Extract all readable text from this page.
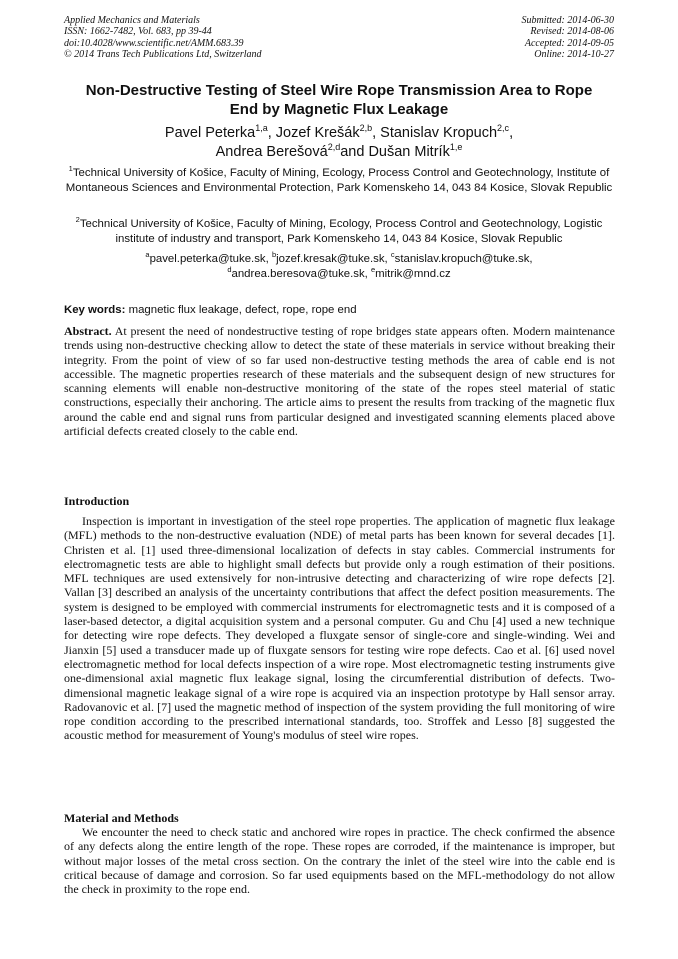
Applied Mechanics and Materials
ISSN: 1662-7482, Vol. 683, pp 39-44
doi:10.4028/www.scientific.net/AMM.683.39
© 2014 Trans Tech Publications Ltd, Switzerland
Submitted: 2014-06-30
Revised: 2014-08-06
Accepted: 2014-09-05
Online: 2014-10-27
Non-Destructive Testing of Steel Wire Rope Transmission Area to Rope
End by Magnetic Flux Leakage
Pavel Peterka$^{1,a}$, Jozef Krešák$^{2,b}$, Stanislav Kropuch$^{2,c}$,
Andrea Berešová$^{2,d}$and Dušan Mitrík$^{1,e}$
$^1$Technical University of Košice, Faculty of Mining, Ecology, Process Control and Geotechnology, Institute of Montaneous Sciences and Environmental Protection, Park Komenskeho 14, 043 84 Kosice, Slovak Republic
$^2$Technical University of Košice, Faculty of Mining, Ecology, Process Control and Geotechnology, Logistic institute of industry and transport, Park Komenskeho 14, 043 84 Kosice, Slovak Republic
$^a$pavel.peterka@tuke.sk, $^b$jozef.kresak@tuke.sk, $^c$stanislav.kropuch@tuke.sk,
$^d$andrea.beresova@tuke.sk, $^e$mitrik@mnd.cz
Key words: magnetic flux leakage, defect, rope, rope end
Abstract. At present the need of nondestructive testing of rope bridges state appears often. Modern maintenance trends using non-destructive checking allow to detect the state of these materials in service without breaking their integrity. From the point of view of so far used non-destructive testing methods the area of cable end is not accessible. The magnetic properties research of these materials and the subsequent design of new structures for scanning elements will enable non-destructive monitoring of the state of the ropes steel material of static constructions, especially their anchoring. The article aims to present the results from tracking of the magnetic flux around the cable end and signal runs from particular designed and investigated scanning elements placed above artificial defects created closely to the cable end.
Introduction
Inspection is important in investigation of the steel rope properties. The application of magnetic flux leakage (MFL) methods to the non-destructive evaluation (NDE) of metal parts has been known for several decades [1]. Christen et al. [1] used three-dimensional localization of defects in stay cables. Commercial instruments for electromagnetic tests are able to highlight small defects but provide only a rough estimation of their positions. MFL techniques are used extensively for non-intrusive detecting and characterizing of wire rope defects [2]. Vallan [3] described an analysis of the uncertainty contributions that affect the defect position measurements. The system is designed to be employed with commercial instruments for electromagnetic tests and it is composed of a laser-based detector, a digital acquisition system and a personal computer. Gu and Chu [4] used a new technique for detecting wire rope defects. They developed a fluxgate sensor of single-core and single-winding. Wei and Jianxin [5] used a transducer made up of fluxgate sensors for testing wire rope defects. Cao et al. [6] used novel electromagnetic method for local defects inspection of a wire rope. Most electromagnetic testing instruments give one-dimensional axial magnetic flux leakage signal, losing the circumferential distribution of defects. Two-dimensional magnetic leakage signal of a wire rope is acquired via an inspection prototype by Hall sensor array. Radovanovic et al. [7] used the magnetic method of inspection of the system providing the full monitoring of wire rope condition according to the prescribed international standards, too. Stroffek and Lesso [8] suggested the acoustic method for measurement of Young's modulus of steel wire ropes.
Material and Methods
We encounter the need to check static and anchored wire ropes in practice. The check confirmed the absence of any defects along the entire length of the rope. These ropes are corroded, if the maintenance is improper, but without major losses of the metal cross section. On the contrary the inlet of the steel wire into the cable end is critical because of damage and corrosion. So far used equipments based on the MFL-methodology do not allow the check in proximity to the rope end.
